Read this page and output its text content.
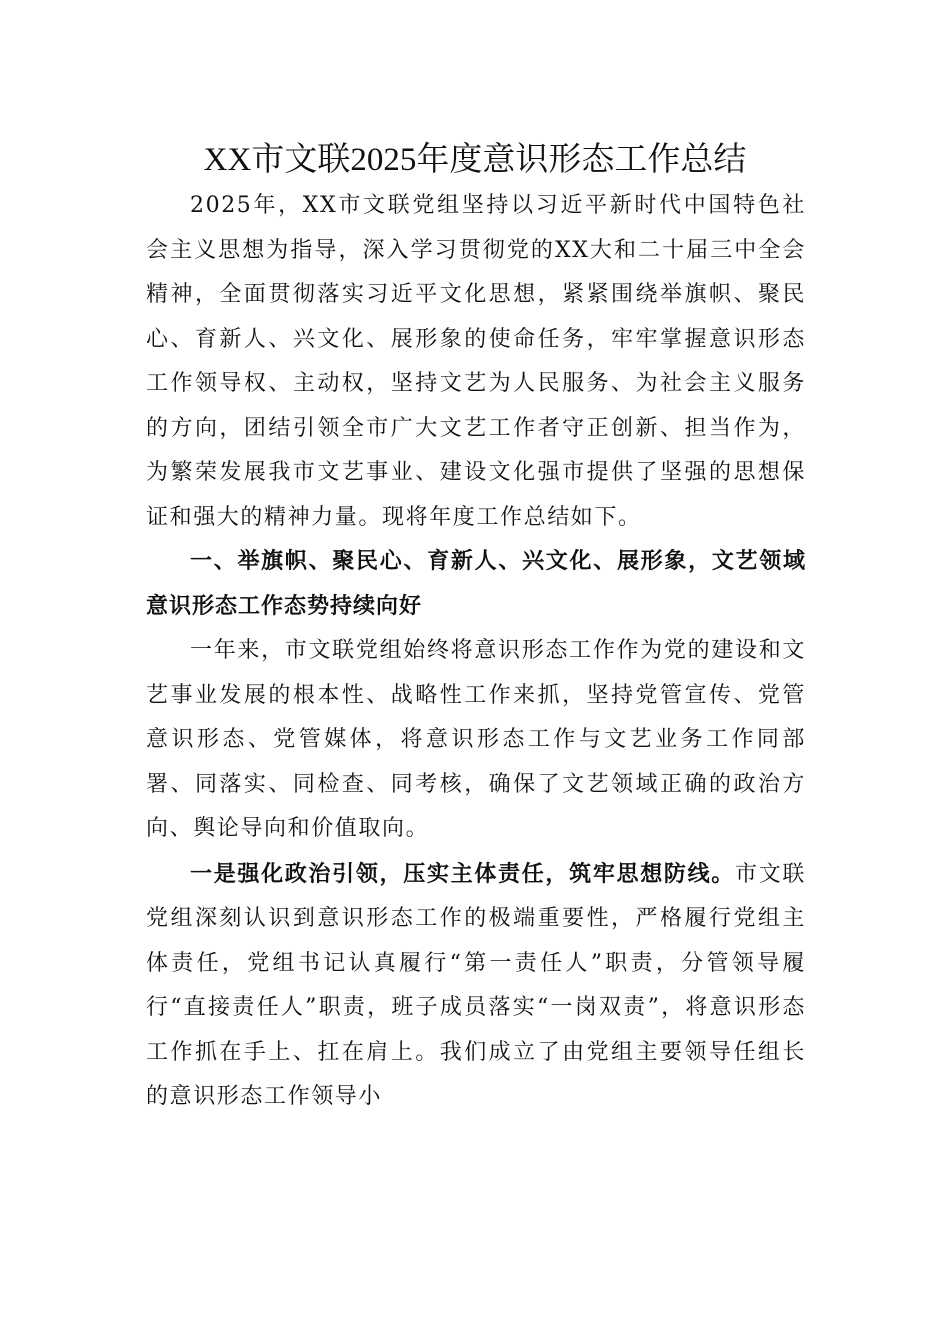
XX市文联2025年度意识形态工作总结

2025年，XX市文联党组坚持以习近平新时代中国特色社会主义思想为指导，深入学习贯彻党的XX大和二十届三中全会精神，全面贯彻落实习近平文化思想，紧紧围绕举旗帜、聚民心、育新人、兴文化、展形象的使命任务，牢牢掌握意识形态工作领导权、主动权，坚持文艺为人民服务、为社会主义服务的方向，团结引领全市广大文艺工作者守正创新、担当作为，为繁荣发展我市文艺事业、建设文化强市提供了坚强的思想保证和强大的精神力量。现将年度工作总结如下。

一、举旗帜、聚民心、育新人、兴文化、展形象，文艺领域意识形态工作态势持续向好

一年来，市文联党组始终将意识形态工作作为党的建设和文艺事业发展的根本性、战略性工作来抓，坚持党管宣传、党管意识形态、党管媒体，将意识形态工作与文艺业务工作同部署、同落实、同检查、同考核，确保了文艺领域正确的政治方向、舆论导向和价值取向。

一是强化政治引领，压实主体责任，筑牢思想防线。市文联党组深刻认识到意识形态工作的极端重要性，严格履行党组主体责任，党组书记认真履行“第一责任人”职责，分管领导履行“直接责任人”职责，班子成员落实“一岗双责”，将意识形态工作抓在手上、扛在肩上。我们成立了由党组主要领导任组长的意识形态工作领导小
